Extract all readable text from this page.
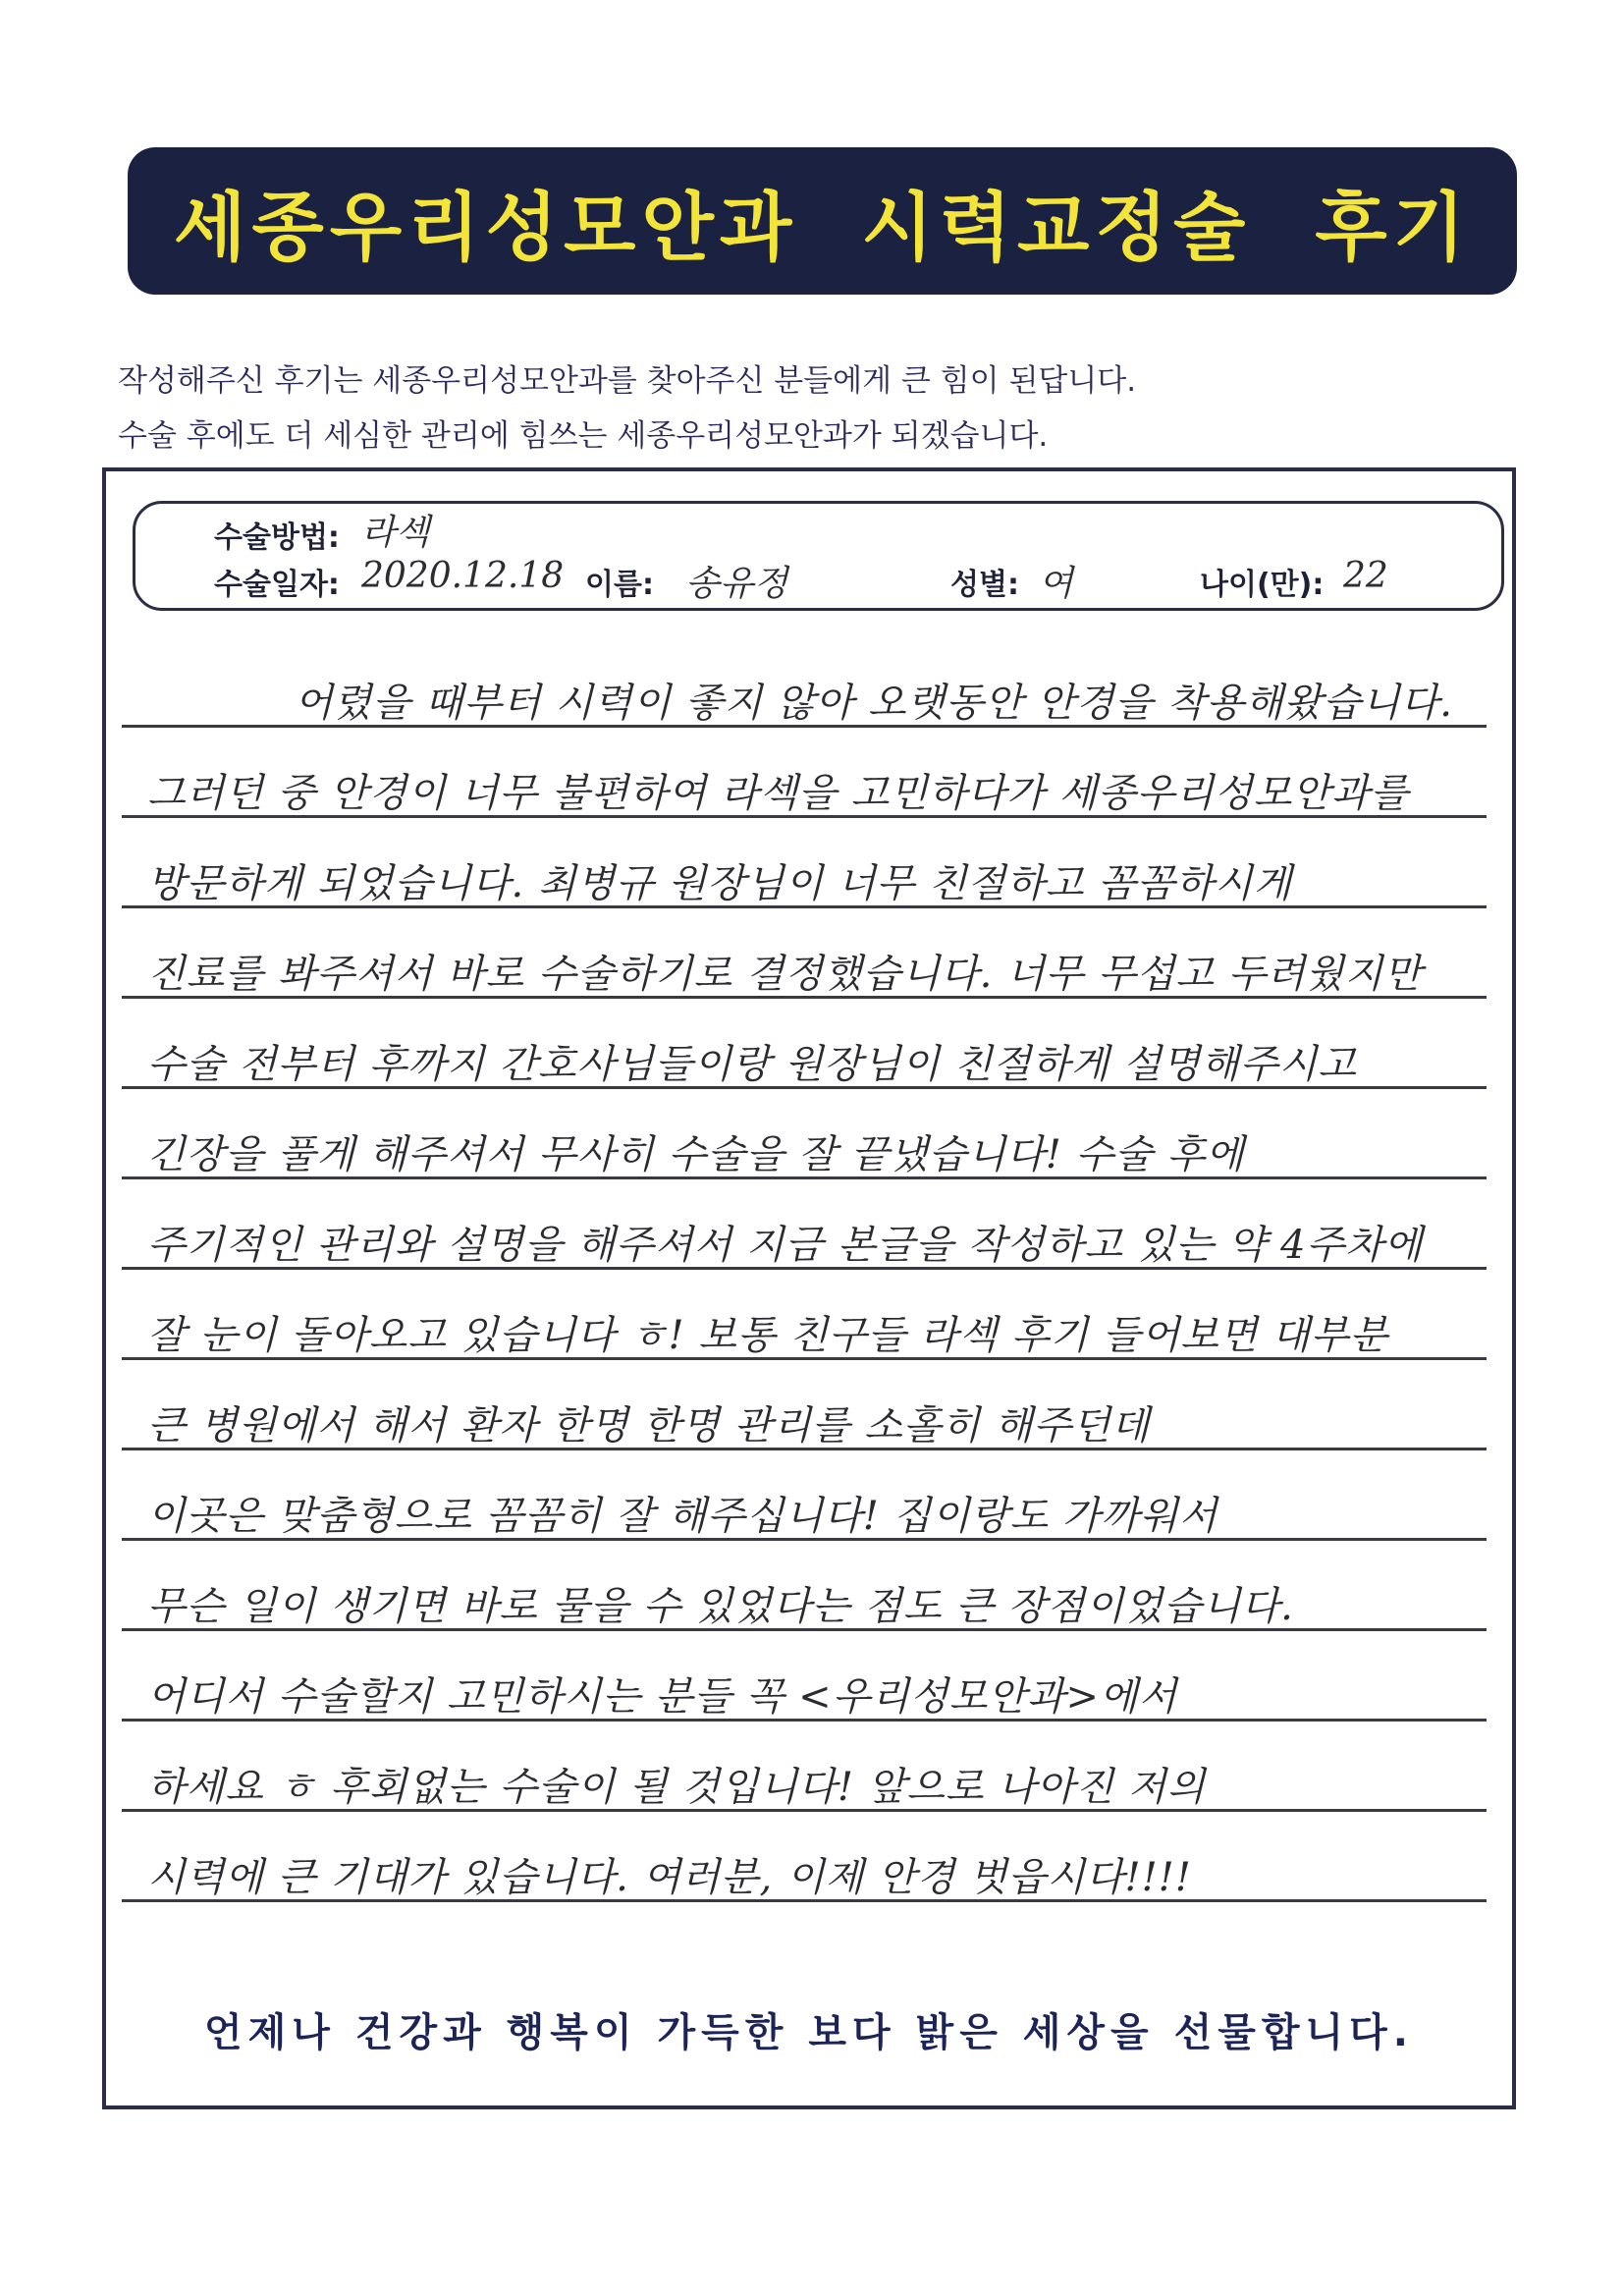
세종우리성모안과  시력교정술  후기
작성해주신 후기는 세종우리성모안과를 찾아주신 분들에게 큰 힘이 된답니다.
수술 후에도 더 세심한 관리에 힘쓰는 세종우리성모안과가 되겠습니다.
수술방법: 라섹
수술일자: 2020.12.18 이름: 송유정	성별: 여	나이(만): 22
어렸을 때부터 시력이 좋지 않아 오랫동안 안경을 착용해왔습니다.
그러던 중 안경이 너무 불편하여 라섹을 고민하다가 세종우리성모안과를
방문하게 되었습니다. 최병규 원장님이 너무 친절하고 꼼꼼하시게
진료를 봐주셔서 바로 수술하기로 결정했습니다. 너무 무섭고 두려웠지만
수술 전부터 후까지 간호사님들이랑 원장님이 친절하게 설명해주시고
긴장을 풀게 해주셔서 무사히 수술을 잘 끝냈습니다! 수술 후에
주기적인 관리와 설명을 해주셔서 지금 본글을 작성하고 있는 약 4주차에
잘 눈이 돌아오고 있습니다 ㅎ! 보통 친구들 라섹 후기 들어보면 대부분
큰 병원에서 해서 환자 한명 한명 관리를 소홀히 해주던데
이곳은 맞춤형으로 꼼꼼히 잘 해주십니다! 집이랑도 가까워서
무슨 일이 생기면 바로 물을 수 있었다는 점도 큰 장점이었습니다.
어디서 수술할지 고민하시는 분들 꼭 <우리성모안과>에서
하세요 ㅎ 후회없는 수술이 될 것입니다! 앞으로 나아진 저의
시력에 큰 기대가 있습니다. 여러분, 이제 안경 벗읍시다!!!!
언제나 건강과 행복이 가득한 보다 밝은 세상을 선물합니다.
